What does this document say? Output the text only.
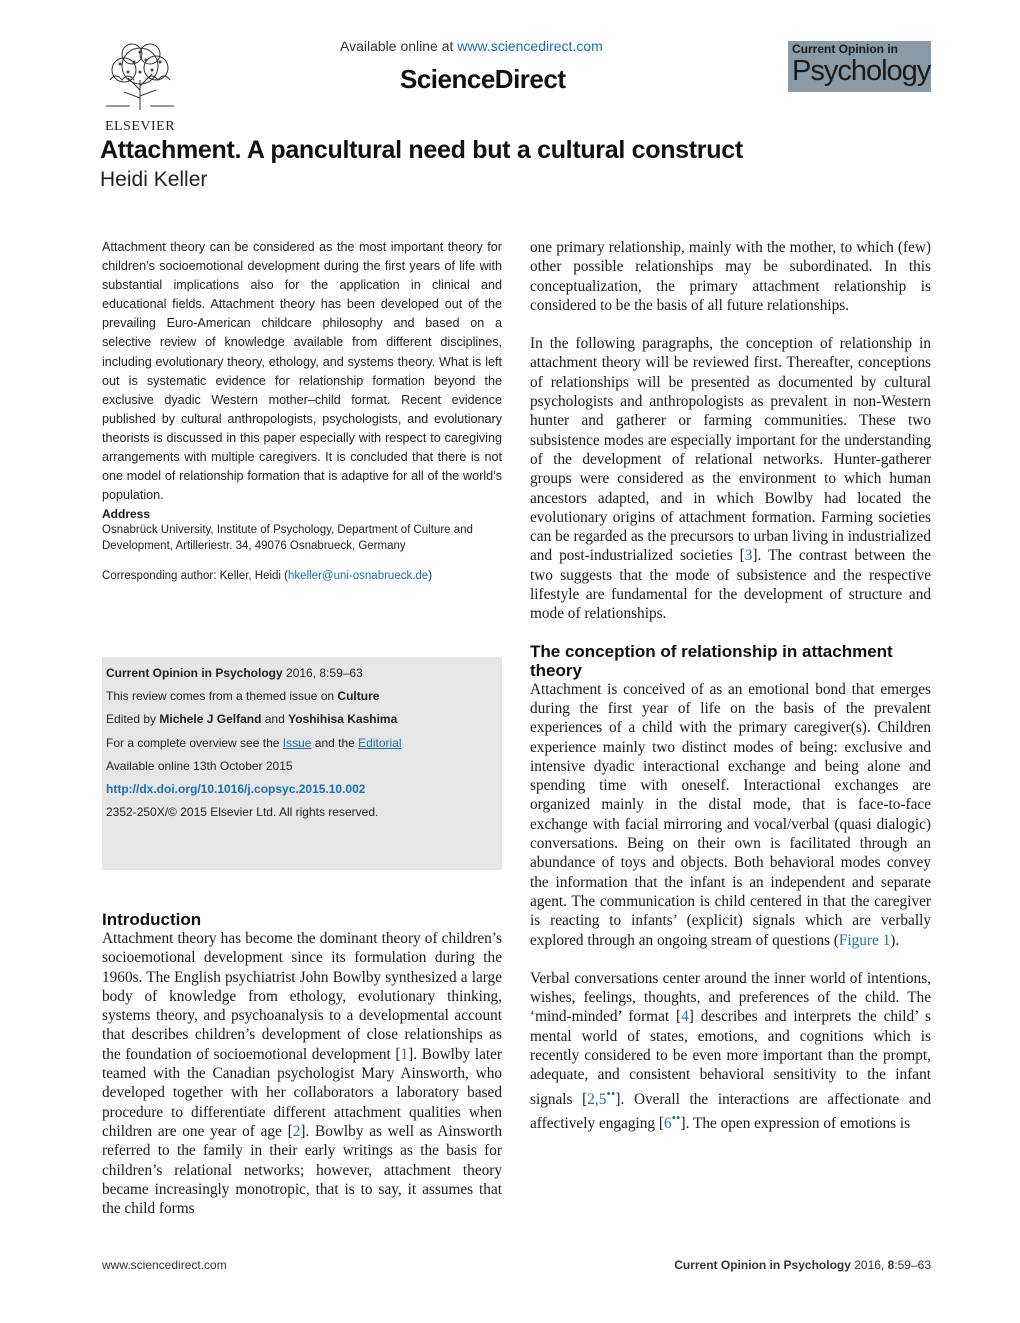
ELSEVIER
Available online at www.sciencedirect.com
ScienceDirect
Current Opinion in
Psychology
Attachment. A pancultural need but a cultural construct
Heidi Keller

Attachment theory can be considered as the most important theory for children’s socioemotional development during the first years of life with substantial implications also for the application in clinical and educational fields. Attachment theory has been developed out of the prevailing Euro-American childcare philosophy and based on a selective review of knowledge available from different disciplines, including evolutionary theory, ethology, and systems theory. What is left out is systematic evidence for relationship formation beyond the exclusive dyadic Western mother–child format. Recent evidence published by cultural anthropologists, psychologists, and evolutionary theorists is discussed in this paper especially with respect to caregiving arrangements with multiple caregivers. It is concluded that there is not one model of relationship formation that is adaptive for all of the world’s population.

Address
Osnabrück University, Institute of Psychology, Department of Culture and Development, Artilleriestr. 34, 49076 Osnabrueck, Germany
Corresponding author: Keller, Heidi (hkeller@uni-osnabrueck.de)
Current Opinion in Psychology 2016, 8:59–63
This review comes from a themed issue on Culture
Edited by Michele J Gelfand and Yoshihisa Kashima
For a complete overview see the Issue and the Editorial
Available online 13th October 2015
http://dx.doi.org/10.1016/j.copsyc.2015.10.002
2352-250X/© 2015 Elsevier Ltd. All rights reserved.
Introduction

Attachment theory has become the dominant theory of children’s socioemotional development since its formulation during the 1960s. The English psychiatrist John Bowlby synthesized a large body of knowledge from ethology, evolutionary thinking, systems theory, and psychoanalysis to a developmental account that describes children’s development of close relationships as the foundation of socioemotional development [1]. Bowlby later teamed with the Canadian psychologist Mary Ainsworth, who developed together with her collaborators a laboratory based procedure to differentiate different attachment qualities when children are one year of age [2]. Bowlby as well as Ainsworth referred to the family in their early writings as the basis for children’s relational networks; however, attachment theory became increasingly monotropic, that is to say, it assumes that the child forms

one primary relationship, mainly with the mother, to which (few) other possible relationships may be subordinated. In this conceptualization, the primary attachment relationship is considered to be the basis of all future relationships.

In the following paragraphs, the conception of relationship in attachment theory will be reviewed first. Thereafter, conceptions of relationships will be presented as documented by cultural psychologists and anthropologists as prevalent in non-Western hunter and gatherer or farming communities. These two subsistence modes are especially important for the understanding of the development of relational networks. Hunter-gatherer groups were considered as the environment to which human ancestors adapted, and in which Bowlby had located the evolutionary origins of attachment formation. Farming societies can be regarded as the precursors to urban living in industrialized and post-industrialized societies [3]. The contrast between the two suggests that the mode of subsistence and the respective lifestyle are fundamental for the development of structure and mode of relationships.

The conception of relationship in attachment theory

Attachment is conceived of as an emotional bond that emerges during the first year of life on the basis of the prevalent experiences of a child with the primary caregiver(s). Children experience mainly two distinct modes of being: exclusive and intensive dyadic interactional exchange and being alone and spending time with oneself. Interactional exchanges are organized mainly in the distal mode, that is face-to-face exchange with facial mirroring and vocal/verbal (quasi dialogic) conversations. Being on their own is facilitated through an abundance of toys and objects. Both behavioral modes convey the information that the infant is an independent and separate agent. The communication is child centered in that the caregiver is reacting to infants’ (explicit) signals which are verbally explored through an ongoing stream of questions (Figure 1).

Verbal conversations center around the inner world of intentions, wishes, feelings, thoughts, and preferences of the child. The ‘mind-minded’ format [4] describes and interprets the child’ s mental world of states, emotions, and cognitions which is recently considered to be even more important than the prompt, adequate, and consistent behavioral sensitivity to the infant signals [2,5••]. Overall the interactions are affectionate and affectively engaging [6••]. The open expression of emotions is

www.sciencedirect.com	Current Opinion in Psychology 2016, 8:59–63
